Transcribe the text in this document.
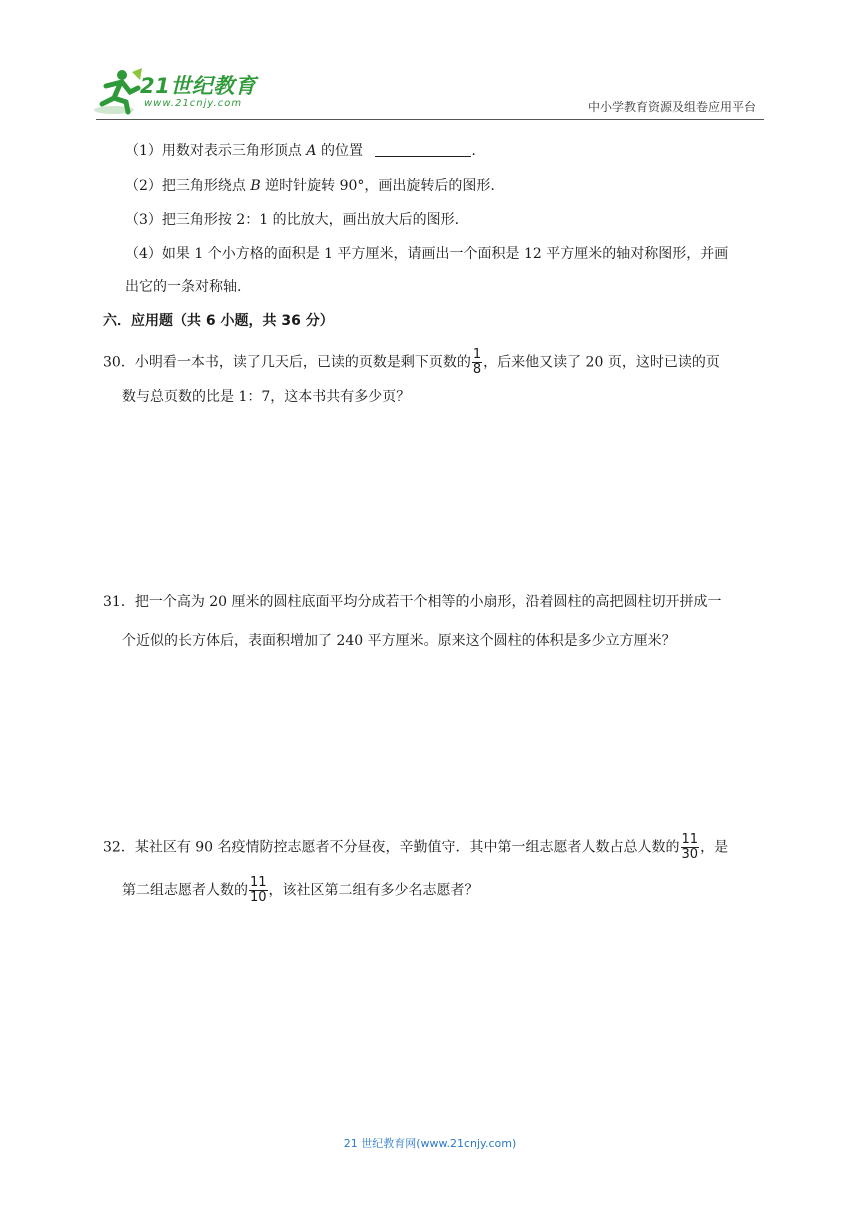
21世纪教育
www.21cnjy.com	中小学教育资源及组卷应用平台
（1）用数对表示三角形顶点 A 的位置	.
（2）把三角形绕点 B 逆时针旋转 90°，画出旋转后的图形.
（3）把三角形按 2：1 的比放大，画出放大后的图形.
（4）如果 1 个小方格的面积是 1 平方厘米，请画出一个面积是 12 平方厘米的轴对称图形，并画
出它的一条对称轴.
六．应用题（共 6 小题，共 36 分）
30．小明看一本书，读了几天后，已读的页数是剩下页数的 $\frac{1}{8}$ ，后来他又读了 20 页，这时已读的页
数与总页数的比是 1：7，这本书共有多少页？
31．把一个高为 20 厘米的圆柱底面平均分成若干个相等的小扇形，沿着圆柱的高把圆柱切开拼成一
个近似的长方体后，表面积增加了 240 平方厘米。原来这个圆柱的体积是多少立方厘米？
32．某社区有 90 名疫情防控志愿者不分昼夜，辛勤值守．其中第一组志愿者人数占总人数的 $\frac{11}{30}$ ，是
第二组志愿者人数的 $\frac{11}{10}$ ，该社区第二组有多少名志愿者？
21 世纪教育网(www.21cnjy.com)
